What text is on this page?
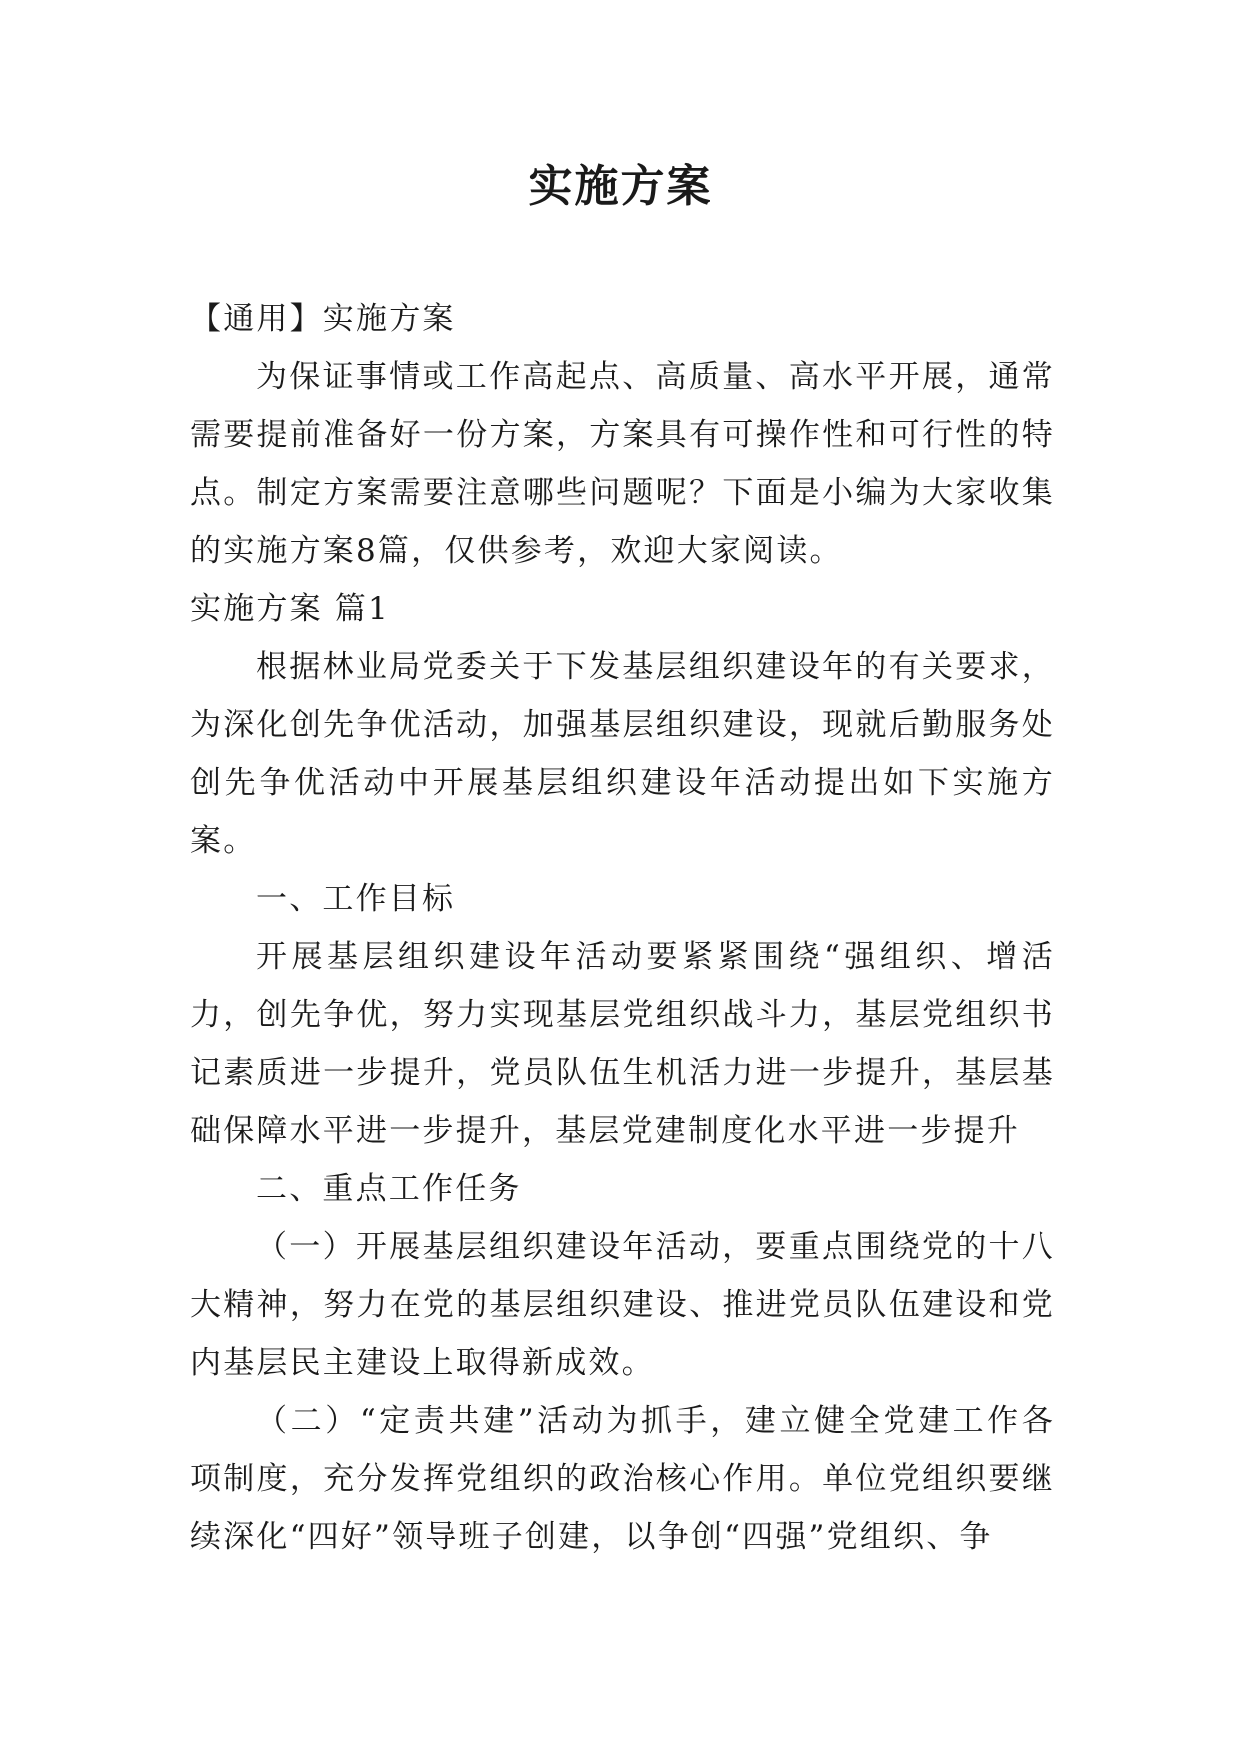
实施方案

【通用】实施方案

为保证事情或工作高起点、高质量、高水平开展，通常需要提前准备好一份方案，方案具有可操作性和可行性的特点。制定方案需要注意哪些问题呢？下面是小编为大家收集的实施方案8篇，仅供参考，欢迎大家阅读。

实施方案 篇1

根据林业局党委关于下发基层组织建设年的有关要求，为深化创先争优活动，加强基层组织建设，现就后勤服务处创先争优活动中开展基层组织建设年活动提出如下实施方案。

一、工作目标

开展基层组织建设年活动要紧紧围绕“强组织、增活力，创先争优，努力实现基层党组织战斗力，基层党组织书记素质进一步提升，党员队伍生机活力进一步提升，基层基础保障水平进一步提升，基层党建制度化水平进一步提升

二、重点工作任务

（一）开展基层组织建设年活动，要重点围绕党的十八大精神，努力在党的基层组织建设、推进党员队伍建设和党内基层民主建设上取得新成效。

（二）“定责共建”活动为抓手，建立健全党建工作各项制度，充分发挥党组织的政治核心作用。单位党组织要继续深化“四好”领导班子创建，以争创“四强”党组织、争
